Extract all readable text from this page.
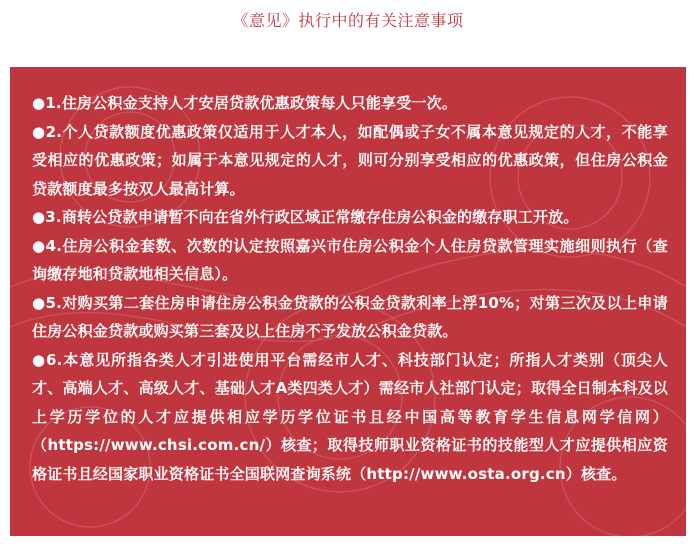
《意见》执行中的有关注意事项

●1.住房公积金支持人才安居贷款优惠政策每人只能享受一次。

●2.个人贷款额度优惠政策仅适用于人才本人，如配偶或子女不属本意见规定的人才，不能享受相应的优惠政策；如属于本意见规定的人才，则可分别享受相应的优惠政策，但住房公积金贷款额度最多按双人最高计算。

●3.商转公贷款申请暂不向在省外行政区域正常缴存住房公积金的缴存职工开放。

●4.住房公积金套数、次数的认定按照嘉兴市住房公积金个人住房贷款管理实施细则执行（查询缴存地和贷款地相关信息）。

●5.对购买第二套住房申请住房公积金贷款的公积金贷款利率上浮10%；对第三次及以上申请住房公积金贷款或购买第三套及以上住房不予发放公积金贷款。

●6.本意见所指各类人才引进使用平台需经市人才、科技部门认定；所指人才类别（顶尖人才、高端人才、高级人才、基础人才A类四类人才）需经市人社部门认定；取得全日制本科及以上学历学位的人才应提供相应学历学位证书且经中国高等教育学生信息网学信网）（https://www.chsi.com.cn/）核查；取得技师职业资格证书的技能型人才应提供相应资格证书且经国家职业资格证书全国联网查询系统（http://www.osta.org.cn）核查。
